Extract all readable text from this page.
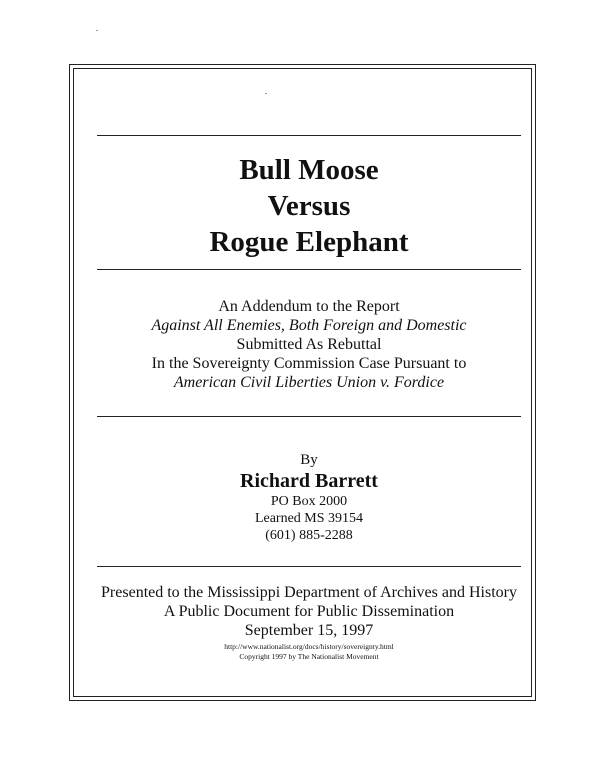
Bull Moose
Versus
Rogue Elephant
An Addendum to the Report
Against All Enemies, Both Foreign and Domestic
Submitted As Rebuttal
In the Sovereignty Commission Case Pursuant to
American Civil Liberties Union v. Fordice
By
Richard Barrett
PO Box 2000
Learned MS 39154
(601) 885-2288
Presented to the Mississippi Department of Archives and History
A Public Document for Public Dissemination
September 15, 1997
http://www.nationalist.org/docs/history/sovereignty.html
Copyright 1997 by The Nationalist Movement
